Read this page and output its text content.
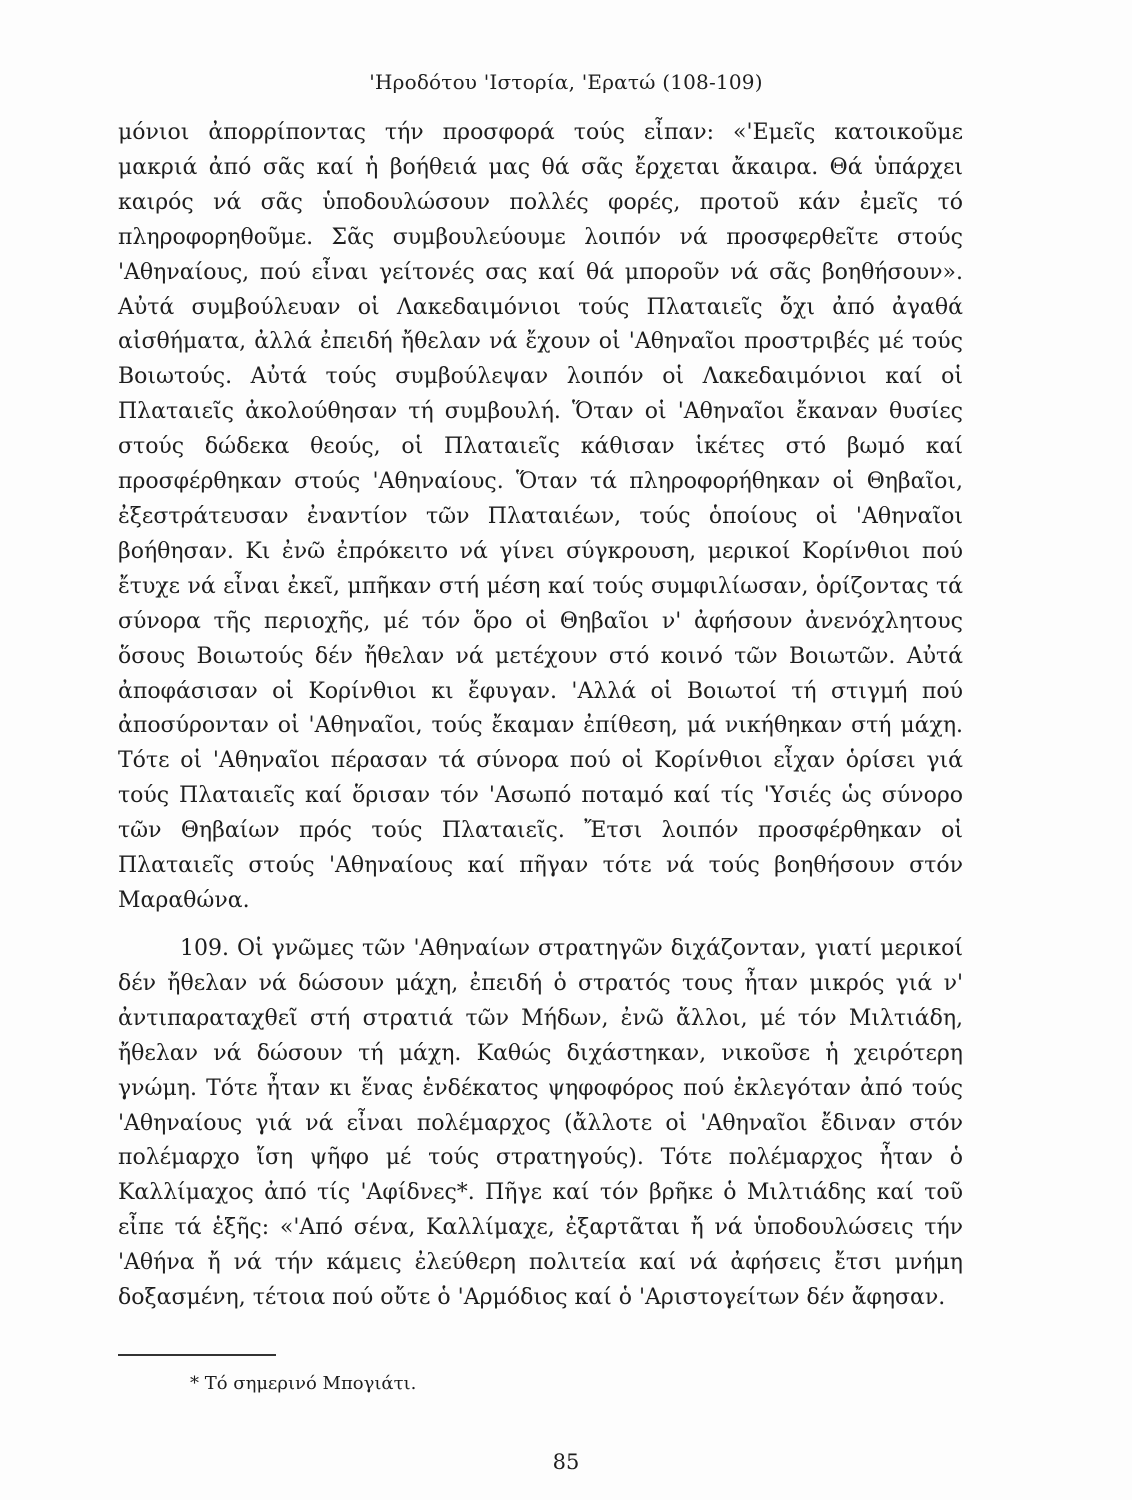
'Ηροδότου 'Ιστορία, 'Ερατώ (108-109)
μόνιοι ἀπορρίποντας τήν προσφορά τούς εἶπαν: «'Εμεῖς κατοικοῦμε μακριά ἀπό σᾶς καί ἡ βοήθειά μας θά σᾶς ἔρχεται ἄκαιρα. Θά ὑπάρχει καιρός νά σᾶς ὑποδουλώσουν πολλές φορές, προτοῦ κάν ἐμεῖς τό πληροφορηθοῦμε. Σᾶς συμβουλεύουμε λοιπόν νά προσφερθεῖτε στούς 'Αθηναίους, πού εἶναι γείτονές σας καί θά μποροῦν νά σᾶς βοηθήσουν». Αὐτά συμβούλευαν οἱ Λακεδαιμόνιοι τούς Πλαταιεῖς ὄχι ἀπό ἀγαθά αἰσθήματα, ἀλλά ἐπειδή ἤθελαν νά ἔχουν οἱ 'Αθηναῖοι προστριβές μέ τούς Βοιωτούς. Αὐτά τούς συμβούλεψαν λοιπόν οἱ Λακεδαιμόνιοι καί οἱ Πλαταιεῖς ἀκολούθησαν τή συμβουλή. Ὅταν οἱ 'Αθηναῖοι ἔκαναν θυσίες στούς δώδεκα θεούς, οἱ Πλαταιεῖς κάθισαν ἱκέτες στό βωμό καί προσφέρθηκαν στούς 'Αθηναίους. Ὅταν τά πληροφορήθηκαν οἱ Θηβαῖοι, ἐξεστράτευσαν ἐναντίον τῶν Πλαταιέων, τούς ὁποίους οἱ 'Αθηναῖοι βοήθησαν. Κι ἐνῶ ἐπρόκειτο νά γίνει σύγκρουση, μερικοί Κορίνθιοι πού ἔτυχε νά εἶναι ἐκεῖ, μπῆκαν στή μέση καί τούς συμφιλίωσαν, ὁρίζοντας τά σύνορα τῆς περιοχῆς, μέ τόν ὅρο οἱ Θηβαῖοι ν' ἀφήσουν ἀνενόχλητους ὅσους Βοιωτούς δέν ἤθελαν νά μετέχουν στό κοινό τῶν Βοιωτῶν. Αὐτά ἀποφάσισαν οἱ Κορίνθιοι κι ἔφυγαν. 'Αλλά οἱ Βοιωτοί τή στιγμή πού ἀποσύρονταν οἱ 'Αθηναῖοι, τούς ἔκαμαν ἐπίθεση, μά νικήθηκαν στή μάχη. Τότε οἱ 'Αθηναῖοι πέρασαν τά σύνορα πού οἱ Κορίνθιοι εἶχαν ὁρίσει γιά τούς Πλαταιεῖς καί ὅρισαν τόν 'Ασωπό ποταμό καί τίς 'Υσιές ὡς σύνορο τῶν Θηβαίων πρός τούς Πλαταιεῖς. Ἔτσι λοιπόν προσφέρθηκαν οἱ Πλαταιεῖς στούς 'Αθηναίους καί πῆγαν τότε νά τούς βοηθήσουν στόν Μαραθώνα.
109. Οἱ γνῶμες τῶν 'Αθηναίων στρατηγῶν διχάζονταν, γιατί μερικοί δέν ἤθελαν νά δώσουν μάχη, ἐπειδή ὁ στρατός τους ἦταν μικρός γιά ν' ἀντιπαραταχθεῖ στή στρατιά τῶν Μήδων, ἐνῶ ἄλλοι, μέ τόν Μιλτιάδη, ἤθελαν νά δώσουν τή μάχη. Καθώς διχάστηκαν, νικοῦσε ἡ χειρότερη γνώμη. Τότε ἦταν κι ἕνας ἑνδέκατος ψηφοφόρος πού ἐκλεγόταν ἀπό τούς 'Αθηναίους γιά νά εἶναι πολέμαρχος (ἄλλοτε οἱ 'Αθηναῖοι ἔδιναν στόν πολέμαρχο ἴση ψῆφο μέ τούς στρατηγούς). Τότε πολέμαρχος ἦταν ὁ Καλλίμαχος ἀπό τίς 'Αφίδνες*. Πῆγε καί τόν βρῆκε ὁ Μιλτιάδης καί τοῦ εἶπε τά ἑξῆς: «'Από σένα, Καλλίμαχε, ἐξαρτᾶται ἤ νά ὑποδουλώσεις τήν 'Αθήνα ἤ νά τήν κάμεις ἐλεύθερη πολιτεία καί νά ἀφήσεις ἔτσι μνήμη δοξασμένη, τέτοια πού οὔτε ὁ 'Αρμόδιος καί ὁ 'Αριστογείτων δέν ἄφησαν.
* Τό σημερινό Μπογιάτι.
85
